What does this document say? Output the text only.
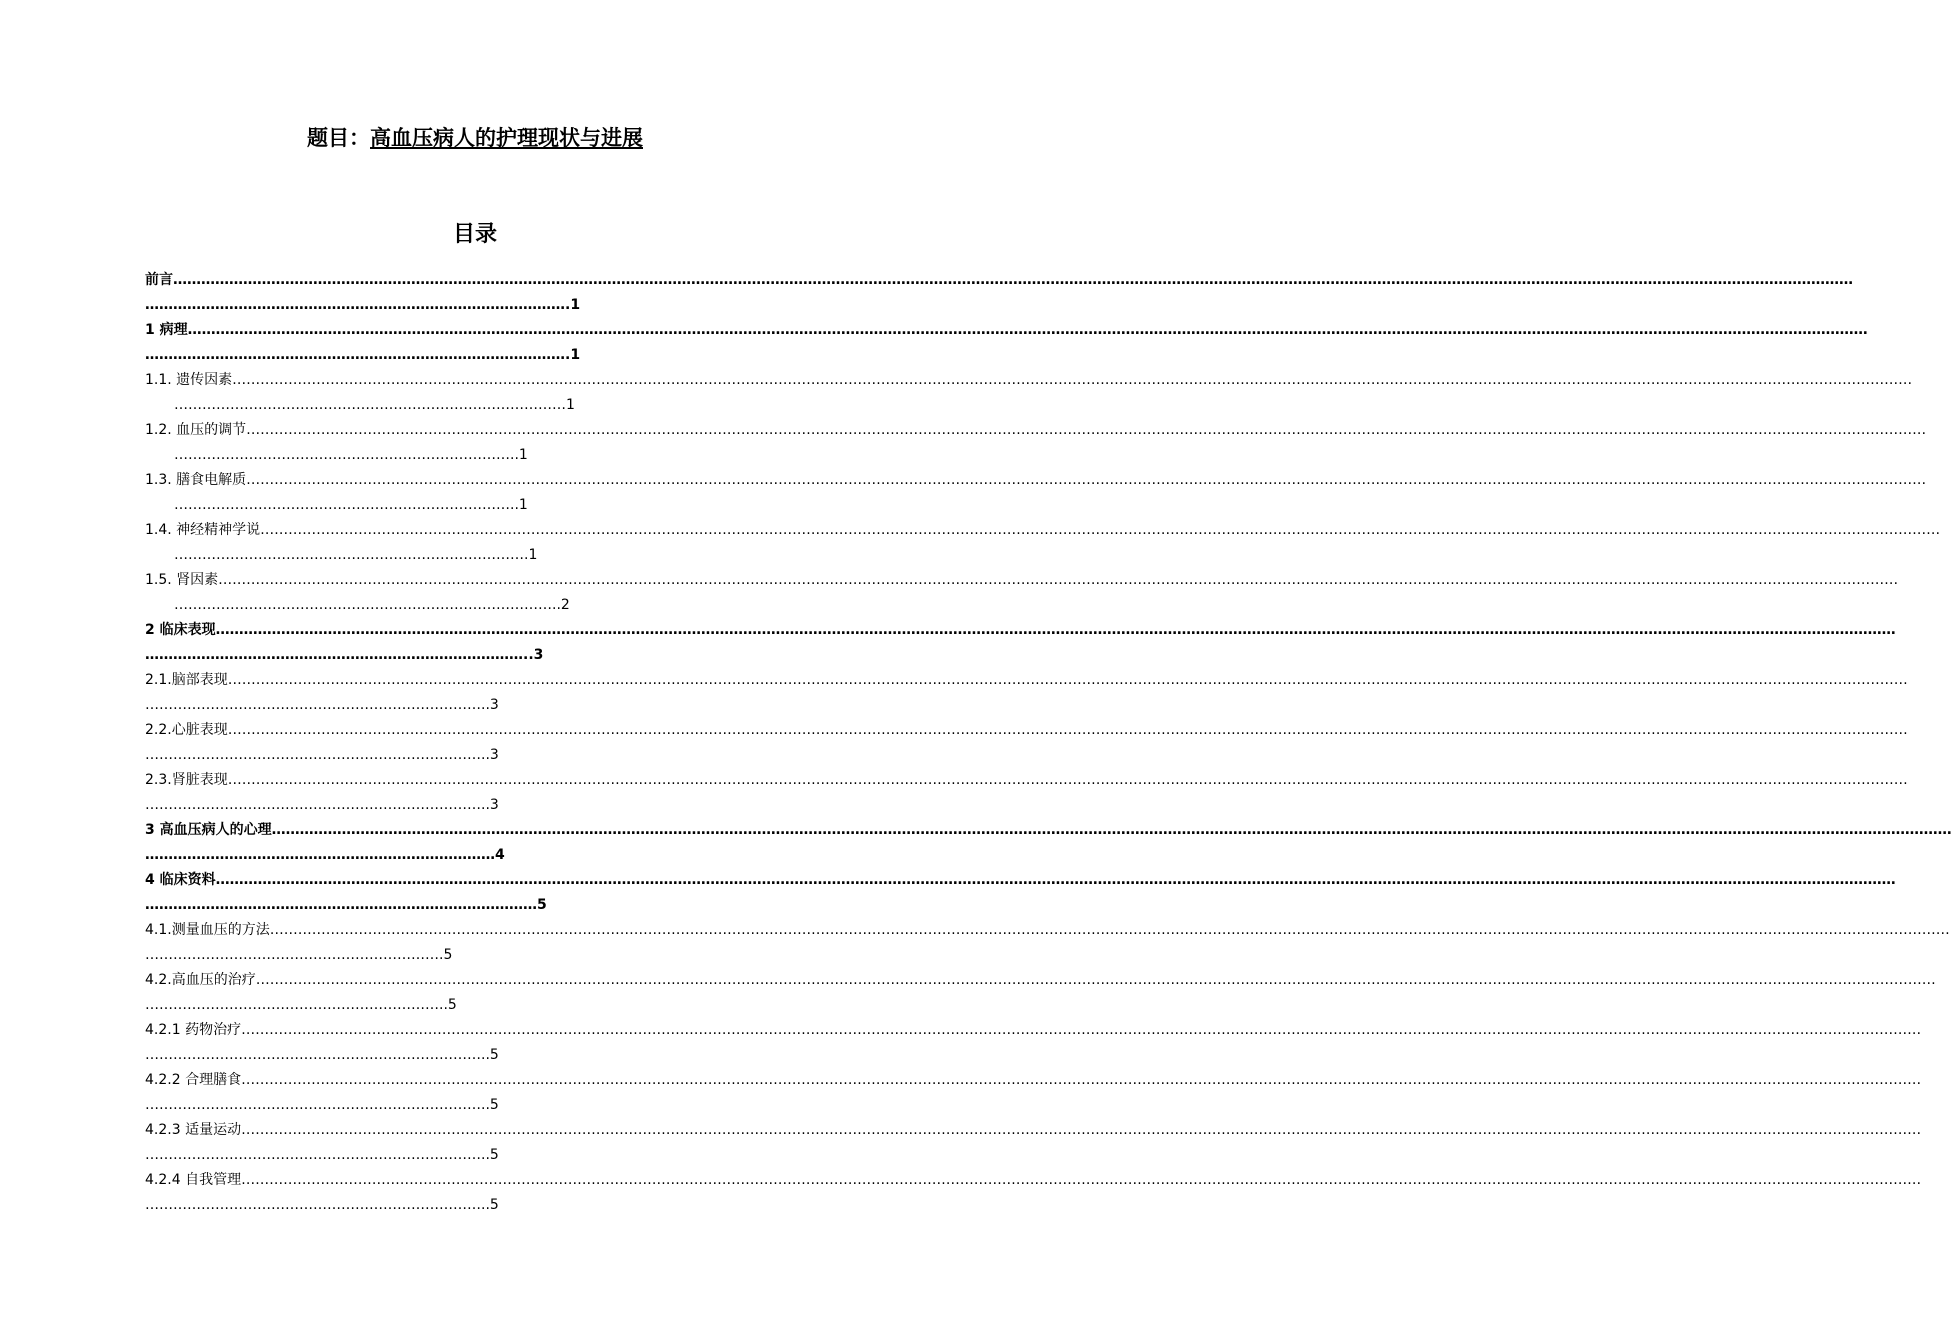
题目：高血压病人的护理现状与进展
目录
前言………………………………………………………………………………………………………………………………………………………………………………………………………………………………………………………………………………………………………………………………
……………………………………………………………………………….1
1 病理………………………………………………………………………………………………………………………………………………………………………………………………………………………………………………………………………………………………………………………………
……………………………………………………………………………….1
1.1. 遗传因素………………………………………………………………………………………………………………………………………………………………………………………………………………………………………………………………………………………………………………………………
…………………………………………………………………………1
1.2. 血压的调节………………………………………………………………………………………………………………………………………………………………………………………………………………………………………………………………………………………………………………………………
………………………………………………………………..1
1.3. 膳食电解质………………………………………………………………………………………………………………………………………………………………………………………………………………………………………………………………………………………………………………………………
………………………………………………………………..1
1.4. 神经精神学说………………………………………………………………………………………………………………………………………………………………………………………………………………………………………………………………………………………………………………………………
………………………………………………………………….1
1.5. 肾因素………………………………………………………………………………………………………………………………………………………………………………………………………………………………………………………………………………………………………………………………
………………………………………………………………………..2
2 临床表现………………………………………………………………………………………………………………………………………………………………………………………………………………………………………………………………………………………………………………………………
………………………………………………………………………..3
2.1.脑部表现………………………………………………………………………………………………………………………………………………………………………………………………………………………………………………………………………………………………………………………………
………………………………………………………………..3
2.2.心脏表现………………………………………………………………………………………………………………………………………………………………………………………………………………………………………………………………………………………………………………………………
………………………………………………………………..3
2.3.肾脏表现………………………………………………………………………………………………………………………………………………………………………………………………………………………………………………………………………………………………………………………………
………………………………………………………………..3
3 高血压病人的心理………………………………………………………………………………………………………………………………………………………………………………………………………………………………………………………………………………………………………………………………
…………………………………………………………………4
4 临床资料………………………………………………………………………………………………………………………………………………………………………………………………………………………………………………………………………………………………………………………………
…………………………………………………………………………5
4.1.测量血压的方法………………………………………………………………………………………………………………………………………………………………………………………………………………………………………………………………………………………………………………………………
……………………………………………………….5
4.2.高血压的治疗………………………………………………………………………………………………………………………………………………………………………………………………………………………………………………………………………………………………………………………………
………………………………………………………..5
4.2.1 药物治疗………………………………………………………………………………………………………………………………………………………………………………………………………………………………………………………………………………………………………………………………
………………………………………………………………..5
4.2.2 合理膳食………………………………………………………………………………………………………………………………………………………………………………………………………………………………………………………………………………………………………………………………
………………………………………………………………..5
4.2.3 适量运动………………………………………………………………………………………………………………………………………………………………………………………………………………………………………………………………………………………………………………………………
………………………………………………………………..5
4.2.4 自我管理………………………………………………………………………………………………………………………………………………………………………………………………………………………………………………………………………………………………………………………………
………………………………………………………………..5
